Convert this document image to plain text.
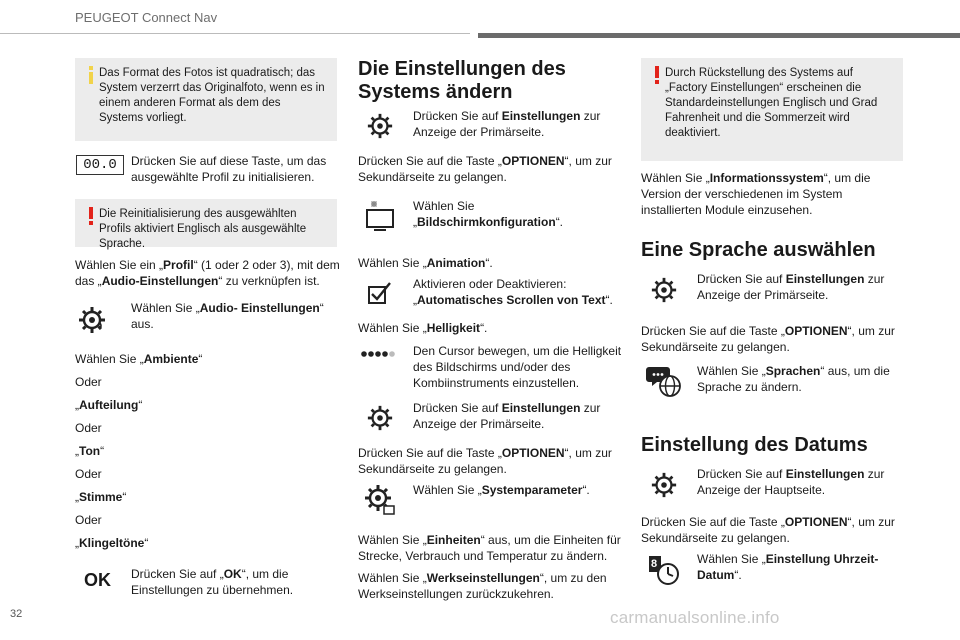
PEUGEOT Connect Nav
Das Format des Fotos ist quadratisch; das System verzerrt das Originalfoto, wenn es in einem anderen Format als dem des Systems vorliegt.
00.0	Drücken Sie auf diese Taste, um das ausgewählte Profil zu initialisieren.
Die Reinitialisierung des ausgewählten Profils aktiviert Englisch als ausgewählte Sprache.
Wählen Sie ein „Profil“ (1 oder 2 oder 3), mit dem das „Audio-Einstellungen“ zu verknüpfen ist.
Wählen Sie „Audio- Einstellungen“ aus.
Wählen Sie „Ambiente“
Oder
„Aufteilung“
Oder
„Ton“
Oder
„Stimme“
Oder
„Klingeltöne“
OK Drücken Sie auf „OK“, um die Einstellungen zu übernehmen.
Die Einstellungen des Systems ändern
Drücken Sie auf Einstellungen zur Anzeige der Primärseite.
Drücken Sie auf die Taste „OPTIONEN“, um zur Sekundärseite zu gelangen.
Wählen Sie „Bildschirmkonfiguration“.
Wählen Sie „Animation“.
Aktivieren oder Deaktivieren: „Automatisches Scrollen von Text“.
Wählen Sie „Helligkeit“.
Den Cursor bewegen, um die Helligkeit des Bildschirms und/oder des Kombiinstruments einzustellen.
Drücken Sie auf Einstellungen zur Anzeige der Primärseite.
Drücken Sie auf die Taste „OPTIONEN“, um zur Sekundärseite zu gelangen.
Wählen Sie „Systemparameter“.
Wählen Sie „Einheiten“ aus, um die Einheiten für Strecke, Verbrauch und Temperatur zu ändern.
Wählen Sie „Werkseinstellungen“, um zu den Werkseinstellungen zurückzukehren.
Durch Rückstellung des Systems auf „Factory Einstellungen“ erscheinen die Standardeinstellungen Englisch und Grad Fahrenheit und die Sommerzeit wird deaktiviert.
Wählen Sie „Informationssystem“, um die Version der verschiedenen im System installierten Module einzusehen.
Eine Sprache auswählen
Drücken Sie auf Einstellungen zur Anzeige der Primärseite.
Drücken Sie auf die Taste „OPTIONEN“, um zur Sekundärseite zu gelangen.
Wählen Sie „Sprachen“ aus, um die Sprache zu ändern.
Einstellung des Datums
Drücken Sie auf Einstellungen zur Anzeige der Hauptseite.
Drücken Sie auf die Taste „OPTIONEN“, um zur Sekundärseite zu gelangen.
8	Wählen Sie „Einstellung Uhrzeit-Datum“.
32	carmanualsonline.info
